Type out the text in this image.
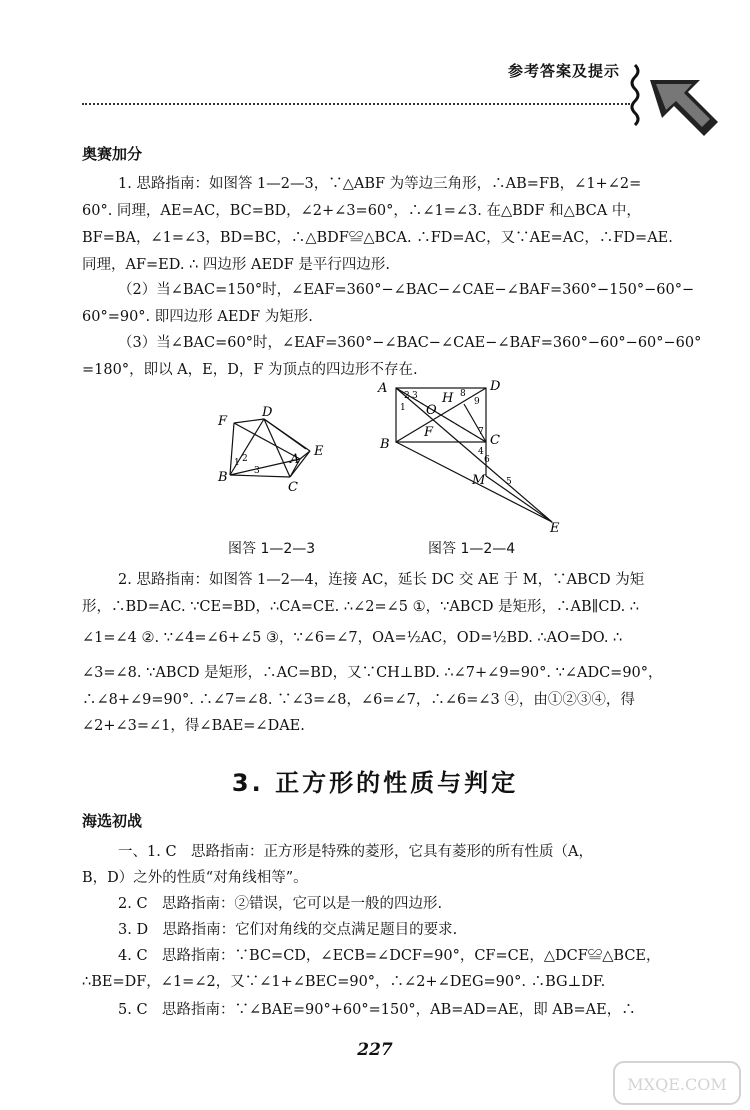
参考答案及提示
奥赛加分
1. 思路指南：如图答 1—2—3，∵△ABF 为等边三角形，∴AB=FB，∠1+∠2=
60°. 同理，AE=AC，BC=BD，∠2+∠3=60°，∴∠1=∠3. 在△BDF 和△BCA 中，
BF=BA，∠1=∠3，BD=BC，∴△BDF≌△BCA. ∴FD=AC，又∵AE=AC，∴FD=AE.
同理，AF=ED. ∴ 四边形 AEDF 是平行四边形.
（2）当∠BAC=150°时，∠EAF=360°−∠BAC−∠CAE−∠BAF=360°−150°−60°−
60°=90°. 即四边形 AEDF 为矩形.
（3）当∠BAC=60°时，∠EAF=360°−∠BAC−∠CAE−∠BAF=360°−60°−60°−60°
=180°，即以 A，E，D，F 为顶点的四边形不存在.
F
D
A
E
B
C
1 2
3
A	D
B	C
F
O
H
M
E
1
2 3
4
5
6
7
8
9
图答 1—2—3	图答 1—2—4
2. 思路指南：如图答 1—2—4，连接 AC，延长 DC 交 AE 于 M，∵ABCD 为矩
形，∴BD=AC. ∵CE=BD，∴CA=CE. ∴∠2=∠5 ①，∵ABCD 是矩形，∴AB∥CD. ∴
∠1=∠4 ②. ∵∠4=∠6+∠5 ③，∵∠6=∠7，OA=½AC，OD=½BD. ∴AO=DO. ∴
∠3=∠8. ∵ABCD 是矩形，∴AC=BD，又∵CH⊥BD. ∴∠7+∠9=90°. ∵∠ADC=90°，
∴∠8+∠9=90°. ∴∠7=∠8. ∵∠3=∠8，∠6=∠7，∴∠6=∠3 ④，由①②③④，得
∠2+∠3=∠1，得∠BAE=∠DAE.
3. 正方形的性质与判定
海选初战
一、1. C　思路指南：正方形是特殊的菱形，它具有菱形的所有性质（A，
B，D）之外的性质“对角线相等”。
2. C　思路指南：②错误，它可以是一般的四边形.
3. D　思路指南：它们对角线的交点满足题目的要求.
4. C　思路指南：∵BC=CD，∠ECB=∠DCF=90°，CF=CE，△DCF≌△BCE，
∴BE=DF，∠1=∠2，又∵∠1+∠BEC=90°，∴∠2+∠DEG=90°. ∴BG⊥DF.
5. C　思路指南：∵∠BAE=90°+60°=150°，AB=AD=AE，即 AB=AE，∴
227
MXQE.COM
